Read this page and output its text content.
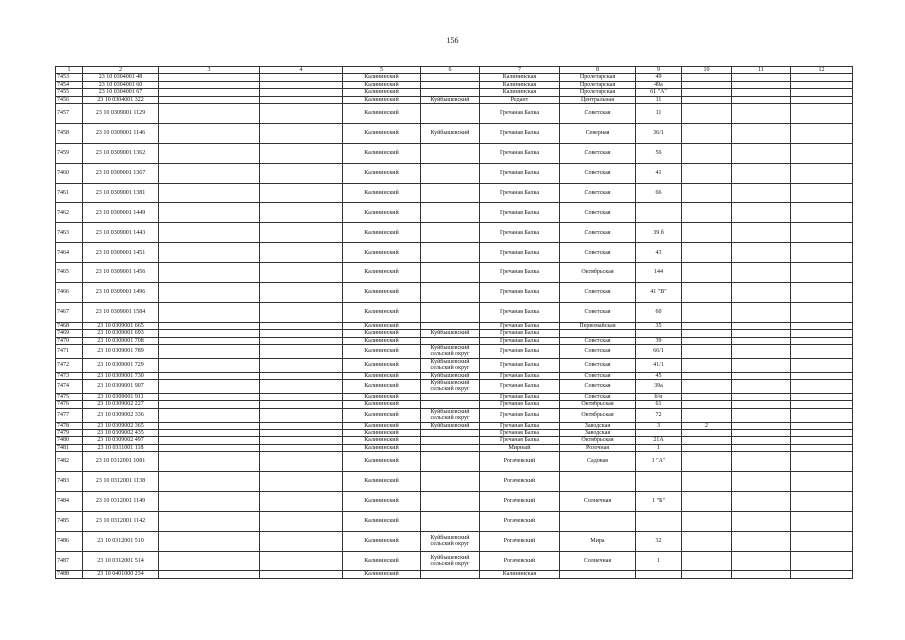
156
1	2	3	4	5	6	7	8	9	10	11	12
7453	23 10 0304001 48			Калининский		Калининская	Пролетарская	49			
7454	23 10 0304001 60			Калининский		Калининская	Пролетарская	49а			
7455	23 10 0304001 67			Калининский		Калининская	Пролетарская	61 "А"			
7456	23 10 0304001 322			Калининский	Куйбышевский	Редант	Центральная	11			
7457	23 10 0309001 1129			Калининский		Гречаная Балка	Советская	11			
7458	23 10 0309001 1146			Калининский	Куйбышевский	Гречаная Балка	Северная	36/1			
7459	23 10 0309001 1362			Калининский		Гречаная Балка	Советская	56			
7460	23 10 0309001 1367			Калининский		Гречаная Балка	Советская	41			
7461	23 10 0309001 1381			Калининский		Гречаная Балка	Советская	66			
7462	23 10 0309001 1449			Калининский		Гречаная Балка	Советская				
7463	23 10 0309001 1443			Калининский		Гречаная Балка	Советская	39 б			
7464	23 10 0309001 1451			Калининский		Гречаная Балка	Советская	43			
7465	23 10 0309001 1456			Калининский		Гречаная Балка	Октябрьская	144			
7466	23 10 0309001 1496			Калининский		Гречаная Балка	Советская	41 "В"			
7467	23 10 0309001 1584			Калининский		Гречаная Балка	Советская	60			
7468	23 10 0309001 665			Калининский		Гречаная Балка	Первомайская	35			
7469	23 10 0309001 693			Калининский	Куйбышевский	Гречаная Балка					
7470	23 10 0309001 708			Калининский		Гречаная Балка	Советская	39			
7471	23 10 0309001 789			Калининский	Куйбышевский сельский округ	Гречаная Балка	Советская	66/1			
7472	23 10 0309001 729			Калининский	Куйбышевский сельский округ	Гречаная Балка	Советская	41/1			
7473	23 10 0309001 730			Калининский	Куйбышевский	Гречаная Балка	Советская	45			
7474	23 10 0309001 907			Калининский	Куйбышевский сельский округ	Гречаная Балка	Советская	39а			
7475	23 10 0309001 911			Калининский		Гречаная Балка	Советская	б/н			
7476	23 10 0309002 227			Калининский		Гречаная Балка	Октябрьская	61			
7477	23 10 0309002 336			Калининский	Куйбышевский сельский округ	Гречаная Балка	Октябрьская	72			
7478	23 10 0309002 365			Калининский	Куйбышевский	Гречаная Балка	Заводская	3	2		
7479	23 10 0309002 435			Калининский		Гречаная Балка	Заводская				
7480	23 10 0309002 497			Калининский		Гречаная Балка	Октябрьская	21А			
7481	23 10 0311001 118			Калининский		Мирный	Розочная	1			
7482	23 10 0312001 1081			Калининский		Рогачевский	Садовая	1 "А"			
7483	23 10 0312001 1138			Калининский		Рогачевский					
7484	23 10 0312001 1149			Калининский		Рогачевский	Солнечная	1 "Б"			
7485	23 10 0312001 1142			Калининский		Рогачевский					
7486	23 10 0312001 510			Калининский	Куйбышевский сельский округ	Рогачевский	Мира	32			
7487	23 10 0312001 514			Калининский	Куйбышевский сельский округ	Рогачевский	Солнечная	1			
7488	23 10 0401000 234			Калининский		Калининская					
